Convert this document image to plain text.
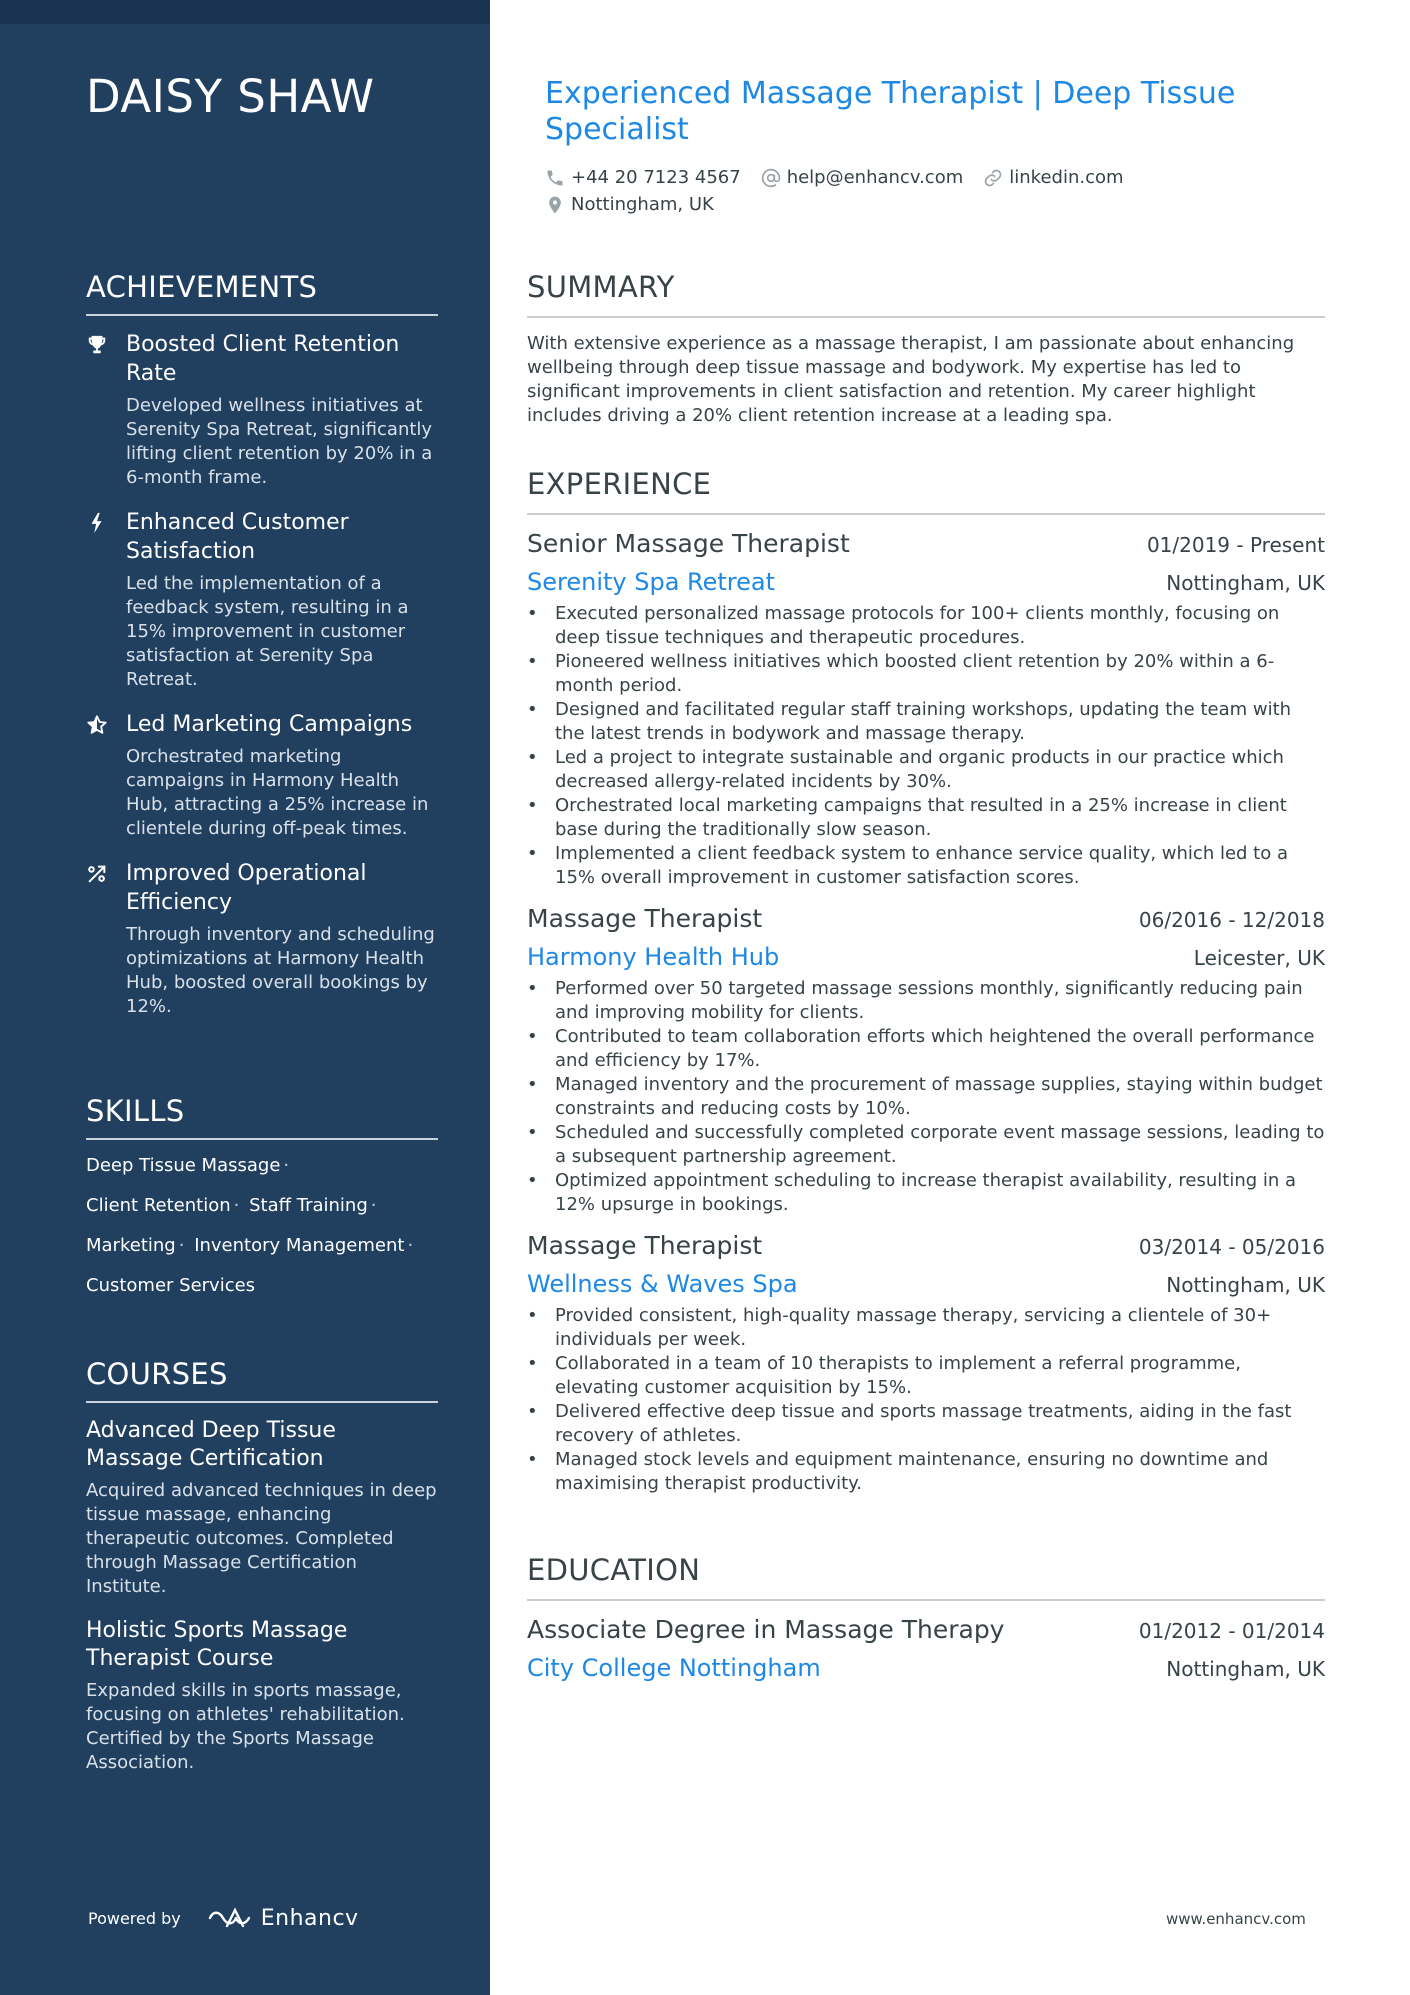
DAISY SHAW
ACHIEVEMENTS
Boosted Client Retention Rate
Developed wellness initiatives at Serenity Spa Retreat, significantly lifting client retention by 20% in a 6-month frame.
Enhanced Customer Satisfaction
Led the implementation of a feedback system, resulting in a 15% improvement in customer satisfaction at Serenity Spa Retreat.
Led Marketing Campaigns
Orchestrated marketing campaigns in Harmony Health Hub, attracting a 25% increase in clientele during off-peak times.
Improved Operational Efficiency
Through inventory and scheduling optimizations at Harmony Health Hub, boosted overall bookings by 12%.
SKILLS
Deep Tissue Massage ·
Client Retention · Staff Training ·
Marketing · Inventory Management ·
Customer Services
COURSES
Advanced Deep Tissue Massage Certification
Acquired advanced techniques in deep tissue massage, enhancing therapeutic outcomes. Completed through Massage Certification Institute.
Holistic Sports Massage Therapist Course
Expanded skills in sports massage, focusing on athletes' rehabilitation. Certified by the Sports Massage Association.
Powered by	Enhancv
Experienced Massage Therapist | Deep Tissue Specialist
+44 20 7123 4567	help@enhancv.com	linkedin.com
Nottingham, UK
SUMMARY
With extensive experience as a massage therapist, I am passionate about enhancing wellbeing through deep tissue massage and bodywork. My expertise has led to significant improvements in client satisfaction and retention. My career highlight includes driving a 20% client retention increase at a leading spa.
EXPERIENCE
Senior Massage Therapist	01/2019 - Present
Serenity Spa Retreat	Nottingham, UK
• Executed personalized massage protocols for 100+ clients monthly, focusing on deep tissue techniques and therapeutic procedures.
• Pioneered wellness initiatives which boosted client retention by 20% within a 6-month period.
• Designed and facilitated regular staff training workshops, updating the team with the latest trends in bodywork and massage therapy.
• Led a project to integrate sustainable and organic products in our practice which decreased allergy-related incidents by 30%.
• Orchestrated local marketing campaigns that resulted in a 25% increase in client base during the traditionally slow season.
• Implemented a client feedback system to enhance service quality, which led to a 15% overall improvement in customer satisfaction scores.
Massage Therapist	06/2016 - 12/2018
Harmony Health Hub	Leicester, UK
• Performed over 50 targeted massage sessions monthly, significantly reducing pain and improving mobility for clients.
• Contributed to team collaboration efforts which heightened the overall performance and efficiency by 17%.
• Managed inventory and the procurement of massage supplies, staying within budget constraints and reducing costs by 10%.
• Scheduled and successfully completed corporate event massage sessions, leading to a subsequent partnership agreement.
• Optimized appointment scheduling to increase therapist availability, resulting in a 12% upsurge in bookings.
Massage Therapist	03/2014 - 05/2016
Wellness & Waves Spa	Nottingham, UK
• Provided consistent, high-quality massage therapy, servicing a clientele of 30+ individuals per week.
• Collaborated in a team of 10 therapists to implement a referral programme, elevating customer acquisition by 15%.
• Delivered effective deep tissue and sports massage treatments, aiding in the fast recovery of athletes.
• Managed stock levels and equipment maintenance, ensuring no downtime and maximising therapist productivity.
EDUCATION
Associate Degree in Massage Therapy	01/2012 - 01/2014
City College Nottingham	Nottingham, UK
www.enhancv.com
